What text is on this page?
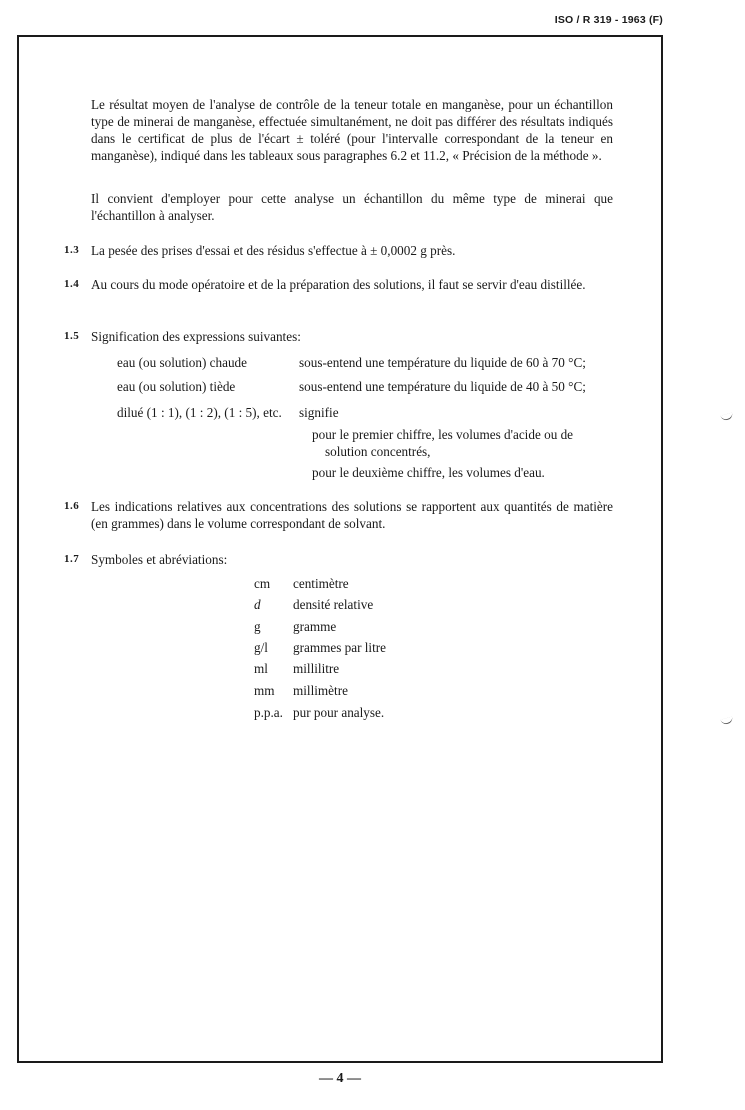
ISO / R 319 - 1963 (F)
Le résultat moyen de l'analyse de contrôle de la teneur totale en manganèse, pour un échantillon type de minerai de manganèse, effectuée simultanément, ne doit pas différer des résultats indiqués dans le certificat de plus de l'écart ± toléré (pour l'intervalle correspondant de la teneur en manganèse), indiqué dans les tableaux sous paragraphes 6.2 et 11.2, « Précision de la méthode ».
Il convient d'employer pour cette analyse un échantillon du même type de minerai que l'échantillon à analyser.
1.3 La pesée des prises d'essai et des résidus s'effectue à ± 0,0002 g près.
1.4 Au cours du mode opératoire et de la préparation des solutions, il faut se servir d'eau distillée.
1.5 Signification des expressions suivantes:
eau (ou solution) chaude	sous-entend une température du liquide de 60 à 70 °C;
eau (ou solution) tiède	sous-entend une température du liquide de 40 à 50 °C;
dilué (1 : 1), (1 : 2), (1 : 5), etc. signifie
pour le premier chiffre, les volumes d'acide ou de
solution concentrés,
pour le deuxième chiffre, les volumes d'eau.
1.6 Les indications relatives aux concentrations des solutions se rapportent aux quantités de matière (en grammes) dans le volume correspondant de solvant.
1.7 Symboles et abréviations:
cm centimètre
d densité relative
g gramme
g/l grammes par litre
ml millilitre
mm millimètre
p.p.a. pur pour analyse.
— 4 —
